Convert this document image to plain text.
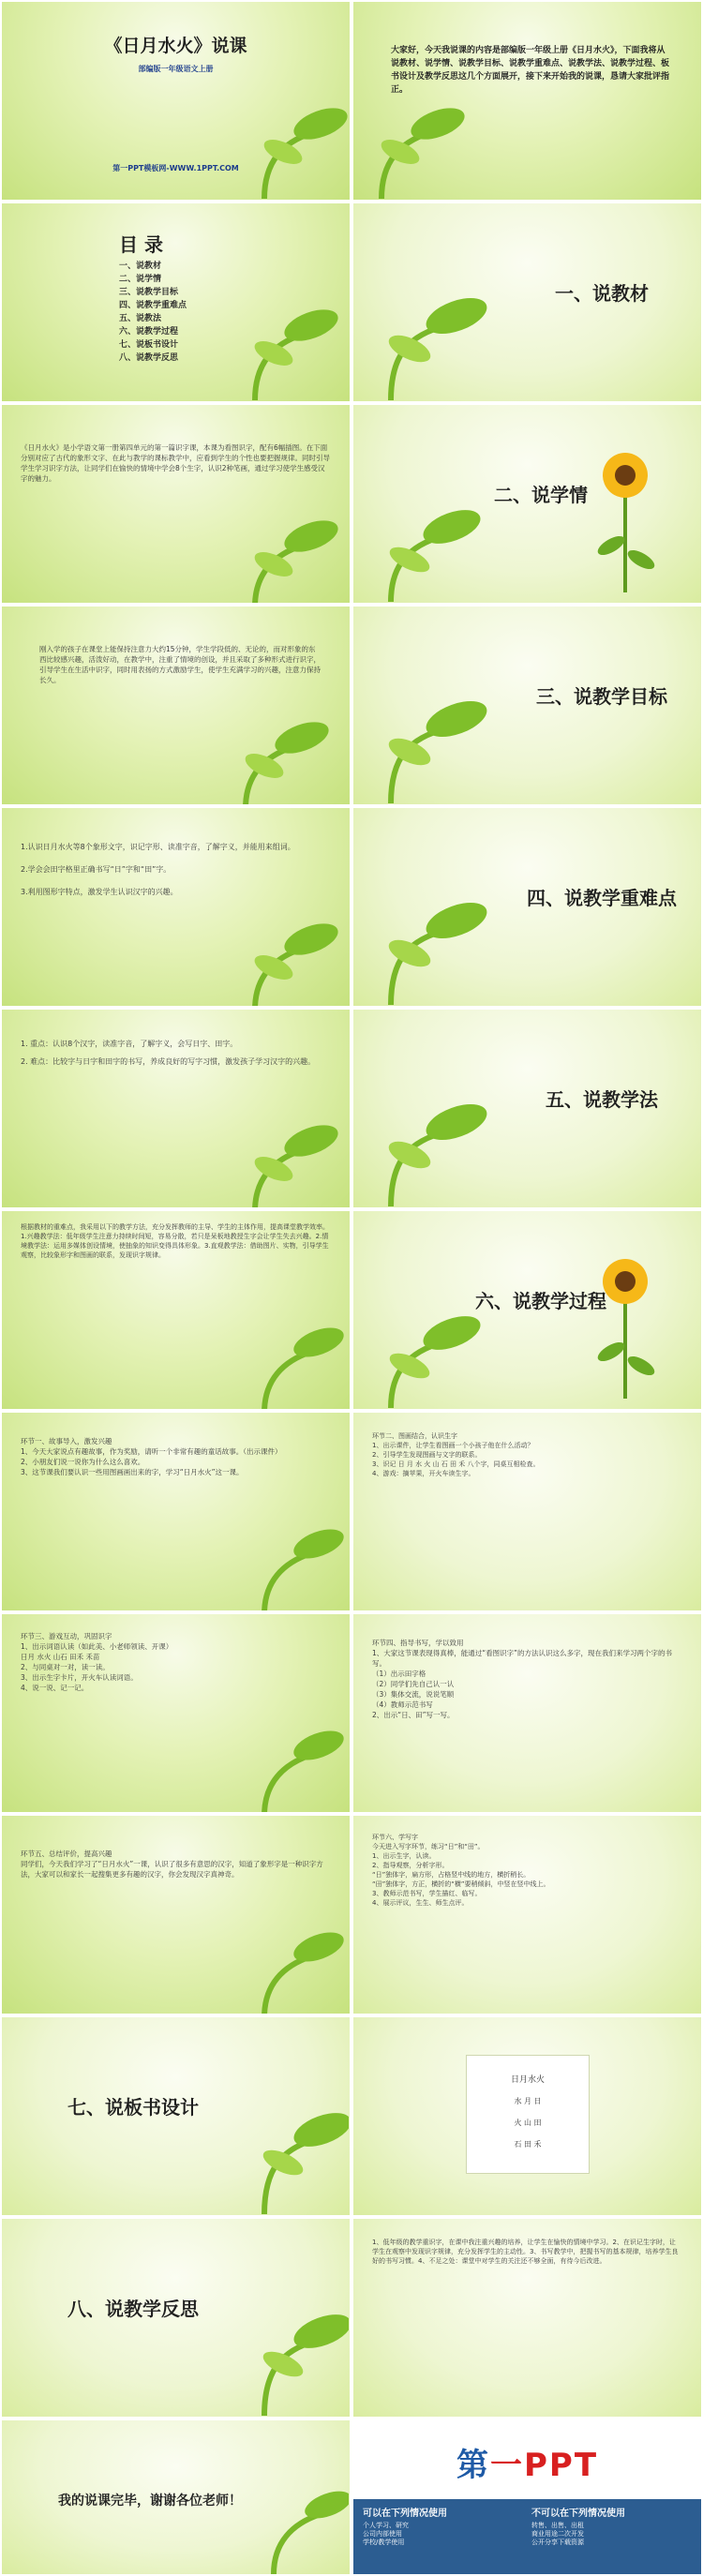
《日月水火》说课
部编版一年级语文上册
第一PPT模板网-WWW.1PPT.COM
大家好，今天我说课的内容是部编版一年级上册《日月水火》，下面我将从说教材、说学情、说教学目标、说教学重难点、说教学法、说教学过程、板书设计及教学反思这几个方面展开，接下来开始我的说课，恳请大家批评指正。
目 录
一、说教材
二、说学情
三、说教学目标
四、说教学重难点
五、说教法
六、说教学过程
七、说板书设计
八、说教学反思
一、说教材
《日月水火》是小学语文第一册第四单元的第一篇识字课，本课为看图识字，配有6幅插图。在下面分别对应了古代的象形文字、在此与教学的课标教学中，应看到学生的个性也要把握规律。同时引导学生学习识字方法，让同学们在愉快的情境中学会8个生字，认识2种笔画，通过学习使学生感受汉字的魅力。
二、说学情
刚入学的孩子在课堂上能保持注意力大约15分钟，学生学段低的、无论的，而对形象的东西比较感兴趣，活泼好动，在教学中，注重了情境的创设，并且采取了多种形式进行识字，引导学生在生活中识字，同时用表扬的方式激励学生，使学生充满学习的兴趣，注意力保持长久。
三、说教学目标

1.认识日月水火等8个象形文字，识记字形、读准字音，了解字义，并能用来组词。

2.学会会田字格里正确书写“日”字和“田”字。

3.利用图形字特点，激发学生认识汉字的兴趣。	四、说教学重难点

1. 重点：认识8个汉字，读准字音，了解字义，会写日字、田字。

2. 难点：比较字与日字和田字的书写，养成良好的写字习惯，激发孩子学习汉字的兴趣。

五、说教学法
根据教材的重难点，我采用以下的教学方法，充分发挥教师的主导、学生的主体作用，提高课堂教学效率。1.兴趣教学法：低年级学生注意力持续时间短，容易分散，若只是呆板地教授生字会让学生失去兴趣。2.情境教学法：运用多媒体创设情境，使抽象的知识变得具体形象。3.直观教学法：借助图片、实物，引导学生观察，比较象形字和图画的联系，发现识字规律。
六、说教学过程
环节一、故事导入，激发兴趣
1、今天大家说点有趣故事，作为奖励，请听一个非常有趣的童话故事。（出示课件）
2、小朋友们说一说你为什么这么喜欢。
3、这节课我们要认识一些用图画画出来的字，学习“日月水火”这一课。
环节二、图画结合，认识生字
1、出示课件，让学生看图画一个小孩子他在什么活动？
2、引导学生发现图画与文字的联系。
3、识记 日 月 水 火 山 石 田 禾 八个字，同桌互相检查。
4、游戏：摘苹果，开火车读生字。
环节三、游戏互动，巩固识字
1、出示词语认读（如此美、小老师领读、开课）
日月 水火 山石 田禾 禾苗
2、与同桌对一对，读一读。
3、出示生字卡片，开火车认读词语。
4、说一说、记一记。
环节四、指导书写，学以致用
1、大家这节课表现得真棒，能通过“看图识字”的方法认识这么多字，现在我们来学习两个字的书写。
（1）出示田字格
（2）同学们先自己认一认
（3）集体交流，说说笔顺
（4）教师示范书写
2、出示“日、田”写一写。
环节五、总结评价，提高兴趣
同学们，今天我们学习了“日月水火”一课，认识了很多有意思的汉字，知道了象形字是一种识字方法，大家可以和家长一起搜集更多有趣的汉字，你会发现汉字真神奇。
环节六、学写字
今天进入写字环节，练习“日”和“田”。
1、出示生字，认读。
2、指导观察，分析字形。
“日”独体字，扁方形，占格竖中线的地方，横折稍长。
“田”独体字，方正，横折的“横”要稍倾斜，中竖在竖中线上。
3、教师示范书写，学生描红、临写。
4、展示评议，生生、师生点评。
七、说板书设计
日月水火
水 月 日
火 山 田
石 田 禾
八、说教学反思
1、低年级的教学重识字，在课中我注重兴趣的培养，让学生在愉快的情境中学习。2、在识记生字时，让学生在观察中发现识字规律，充分发挥学生的主动性。3、书写教学中，把握书写的基本规律，培养学生良好的书写习惯。4、不足之处：课堂中对学生的关注还不够全面，有待今后改进。
我的说课完毕，谢谢各位老师！
第一PPT
可以在下列情况使用
个人学习、研究
公司内部使用
学校/教学使用
不可以在下列情况使用
转售、出售、出租
商业用途二次开发
公开分享下载资源
